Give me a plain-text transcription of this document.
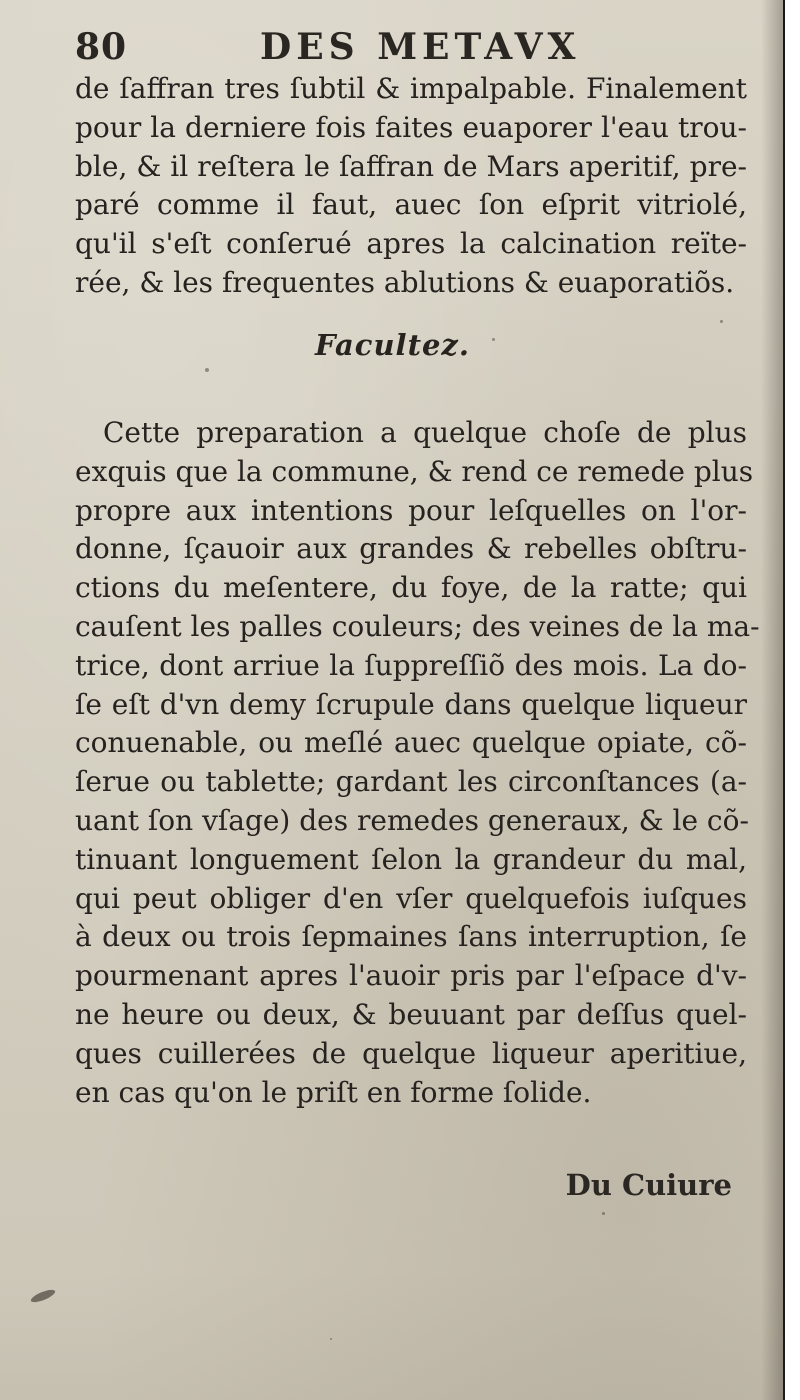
80	DES METAVX
de ſaffran tres ſubtil & impalpable. Finalement
pour la derniere fois faites euaporer l'eau trou-
ble, & il reſtera le ſaffran de Mars aperitif, pre-
paré comme il faut, auec ſon eſprit vitriolé,
qu'il s'eſt conſerué apres la calcination reïte-
rée, & les frequentes ablutions & euaporatiõs.
Facultez.
Cette preparation a quelque choſe de plus
exquis que la commune, & rend ce remede plus
propre aux intentions pour leſquelles on l'or-
donne, ſçauoir aux grandes & rebelles obſtru-
ctions du meſentere, du foye, de la ratte; qui
cauſent les palles couleurs; des veines de la ma-
trice, dont arriue la ſuppreſſiõ des mois. La do-
ſe eſt d'vn demy ſcrupule dans quelque liqueur
conuenable, ou meſlé auec quelque opiate, cõ-
ſerue ou tablette; gardant les circonſtances (a-
uant ſon vſage) des remedes generaux, & le cõ-
tinuant longuement ſelon la grandeur du mal,
qui peut obliger d'en vſer quelquefois iuſques
à deux ou trois ſepmaines ſans interruption, ſe
pourmenant apres l'auoir pris par l'eſpace d'v-
ne heure ou deux, & beuuant par deſſus quel-
ques cuillerées de quelque liqueur aperitiue,
en cas qu'on le priſt en forme ſolide.
Du Cuiure
